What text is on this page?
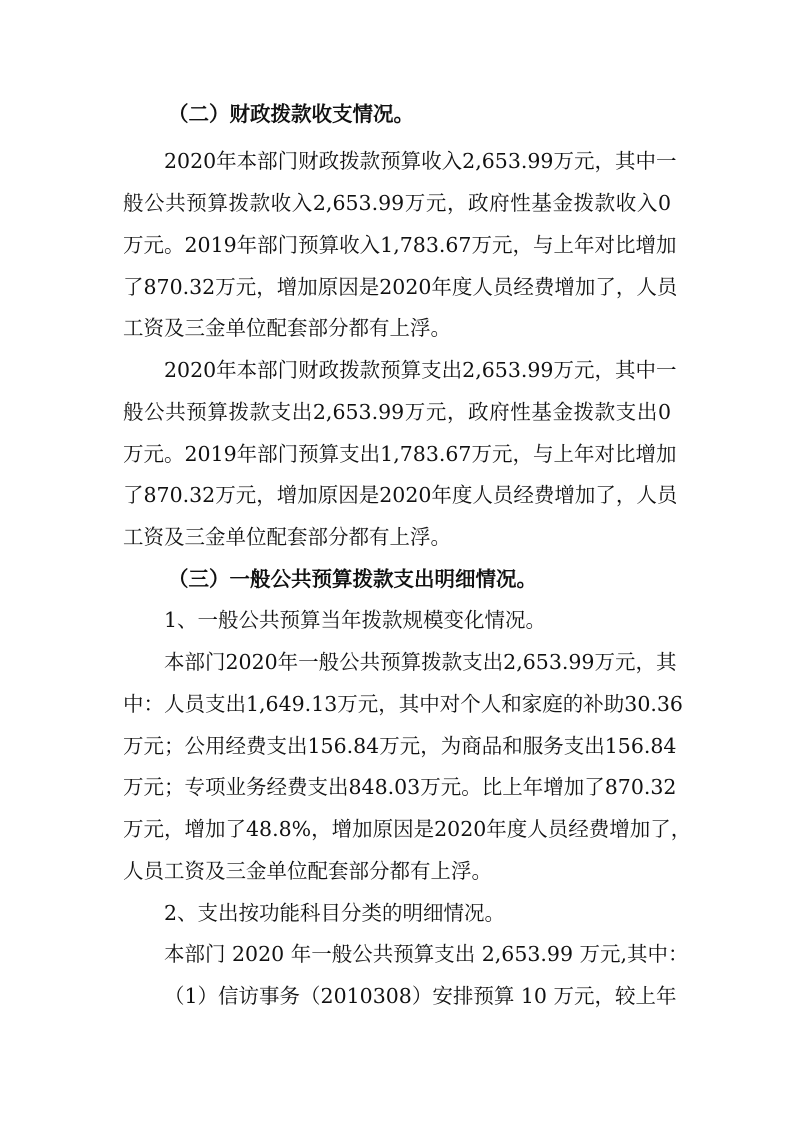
（二）财政拨款收支情况。
2020年本部门财政拨款预算收入2,653.99万元，其中一
般公共预算拨款收入2,653.99万元，政府性基金拨款收入0
万元。2019年部门预算收入1,783.67万元，与上年对比增加
了870.32万元，增加原因是2020年度人员经费增加了，人员
工资及三金单位配套部分都有上浮。
2020年本部门财政拨款预算支出2,653.99万元，其中一
般公共预算拨款支出2,653.99万元，政府性基金拨款支出0
万元。2019年部门预算支出1,783.67万元，与上年对比增加
了870.32万元，增加原因是2020年度人员经费增加了，人员
工资及三金单位配套部分都有上浮。
（三）一般公共预算拨款支出明细情况。
1、一般公共预算当年拨款规模变化情况。
本部门2020年一般公共预算拨款支出2,653.99万元，其
中：人员支出1,649.13万元，其中对个人和家庭的补助30.36
万元；公用经费支出156.84万元，为商品和服务支出156.84
万元；专项业务经费支出848.03万元。比上年增加了870.32
万元，增加了48.8%，增加原因是2020年度人员经费增加了，
人员工资及三金单位配套部分都有上浮。
2、支出按功能科目分类的明细情况。
本部门 2020 年一般公共预算支出 2,653.99 万元,其中：
（1）信访事务（2010308）安排预算 10 万元，较上年
